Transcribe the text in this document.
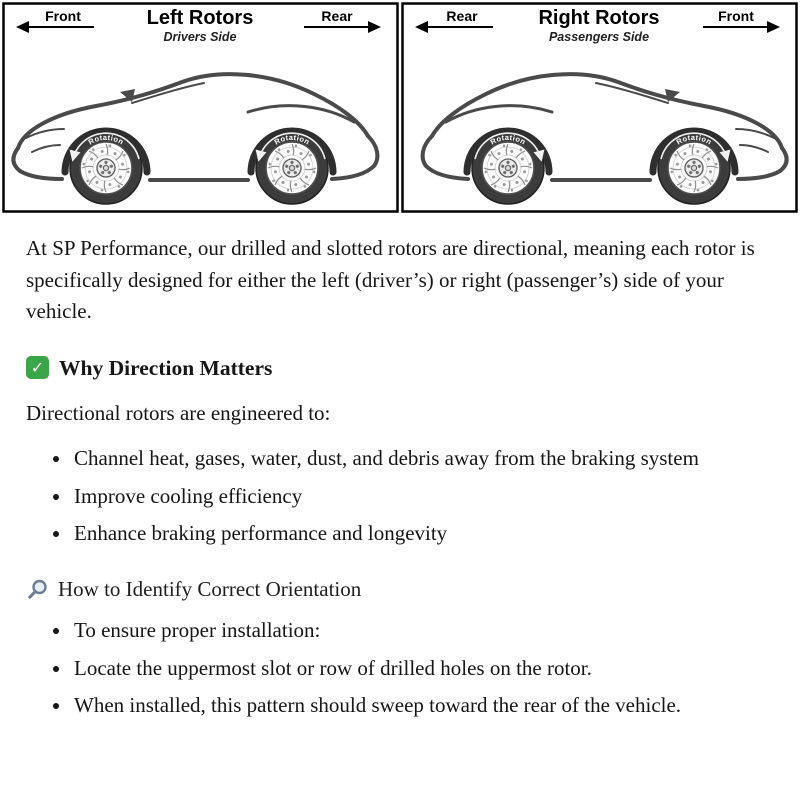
Front	Left Rotors
Drivers Side
Rear	Rear	Right Rotors
Passengers Side
Front
Rotation	Rotation	Rotation	Rotation

At SP Performance, our drilled and slotted rotors are directional, meaning each rotor is specifically designed for either the left (driver’s) or right (passenger’s) side of your vehicle.

✓ Why Direction Matters

Directional rotors are engineered to:

• Channel heat, gases, water, dust, and debris away from the braking system
• Improve cooling efficiency
• Enhance braking performance and longevity
How to Identify Correct Orientation
• To ensure proper installation:
• Locate the uppermost slot or row of drilled holes on the rotor.
• When installed, this pattern should sweep toward the rear of the vehicle.
